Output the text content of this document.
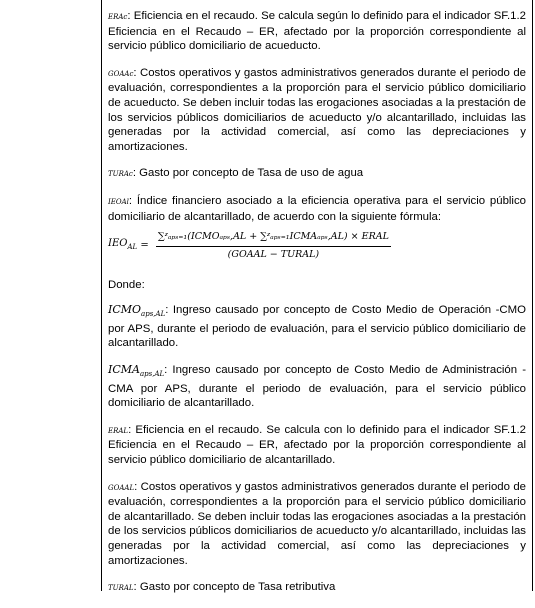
ERAc: Eficiencia en el recaudo. Se calcula según lo definido para el indicador SF.1.2 Eficiencia en el Recaudo – ER, afectado por la proporción correspondiente al servicio público domiciliario de acueducto.

GOAAc: Costos operativos y gastos administrativos generados durante el periodo de evaluación, correspondientes a la proporción para el servicio público domiciliario de acueducto. Se deben incluir todas las erogaciones asociadas a la prestación de los servicios públicos domiciliarios de acueducto y/o alcantarillado, incluidas las generadas por la actividad comercial, así como las depreciaciones y amortizaciones.

TURAc: Gasto por concepto de Tasa de uso de agua

IEOAl: Índice financiero asociado a la eficiencia operativa para el servicio público domiciliario de alcantarillado, de acuerdo con la siguiente fórmula:

$IEO_{AL} = \frac{\text{∑ᶻₐₚₛ₌₁(ICMOₐₚₛ,AL + ∑ᶻₐₚₛ₌₁ICMAₐₚₛ,AL) × ERAL}}{\text{(GOAAL − TURAL)}}$

Donde:

$ICMO_{aps,AL}$: Ingreso causado por concepto de Costo Medio de Operación -CMO por APS, durante el periodo de evaluación, para el servicio público domiciliario de alcantarillado.

$ICMA_{aps,AL}$: Ingreso causado por concepto de Costo Medio de Administración - CMA por APS, durante el periodo de evaluación, para el servicio público domiciliario de alcantarillado.

ERAL: Eficiencia en el recaudo. Se calcula con lo definido para el indicador SF.1.2 Eficiencia en el Recaudo – ER, afectado por la proporción correspondiente al servicio público domiciliario de alcantarillado.

GOAAL: Costos operativos y gastos administrativos generados durante el periodo de evaluación, correspondientes a la proporción para el servicio público domiciliario de alcantarillado. Se deben incluir todas las erogaciones asociadas a la prestación de los servicios públicos domiciliarios de acueducto y/o alcantarillado, incluidas las generadas por la actividad comercial, así como las depreciaciones y amortizaciones.

TURAL: Gasto por concepto de Tasa retributiva
